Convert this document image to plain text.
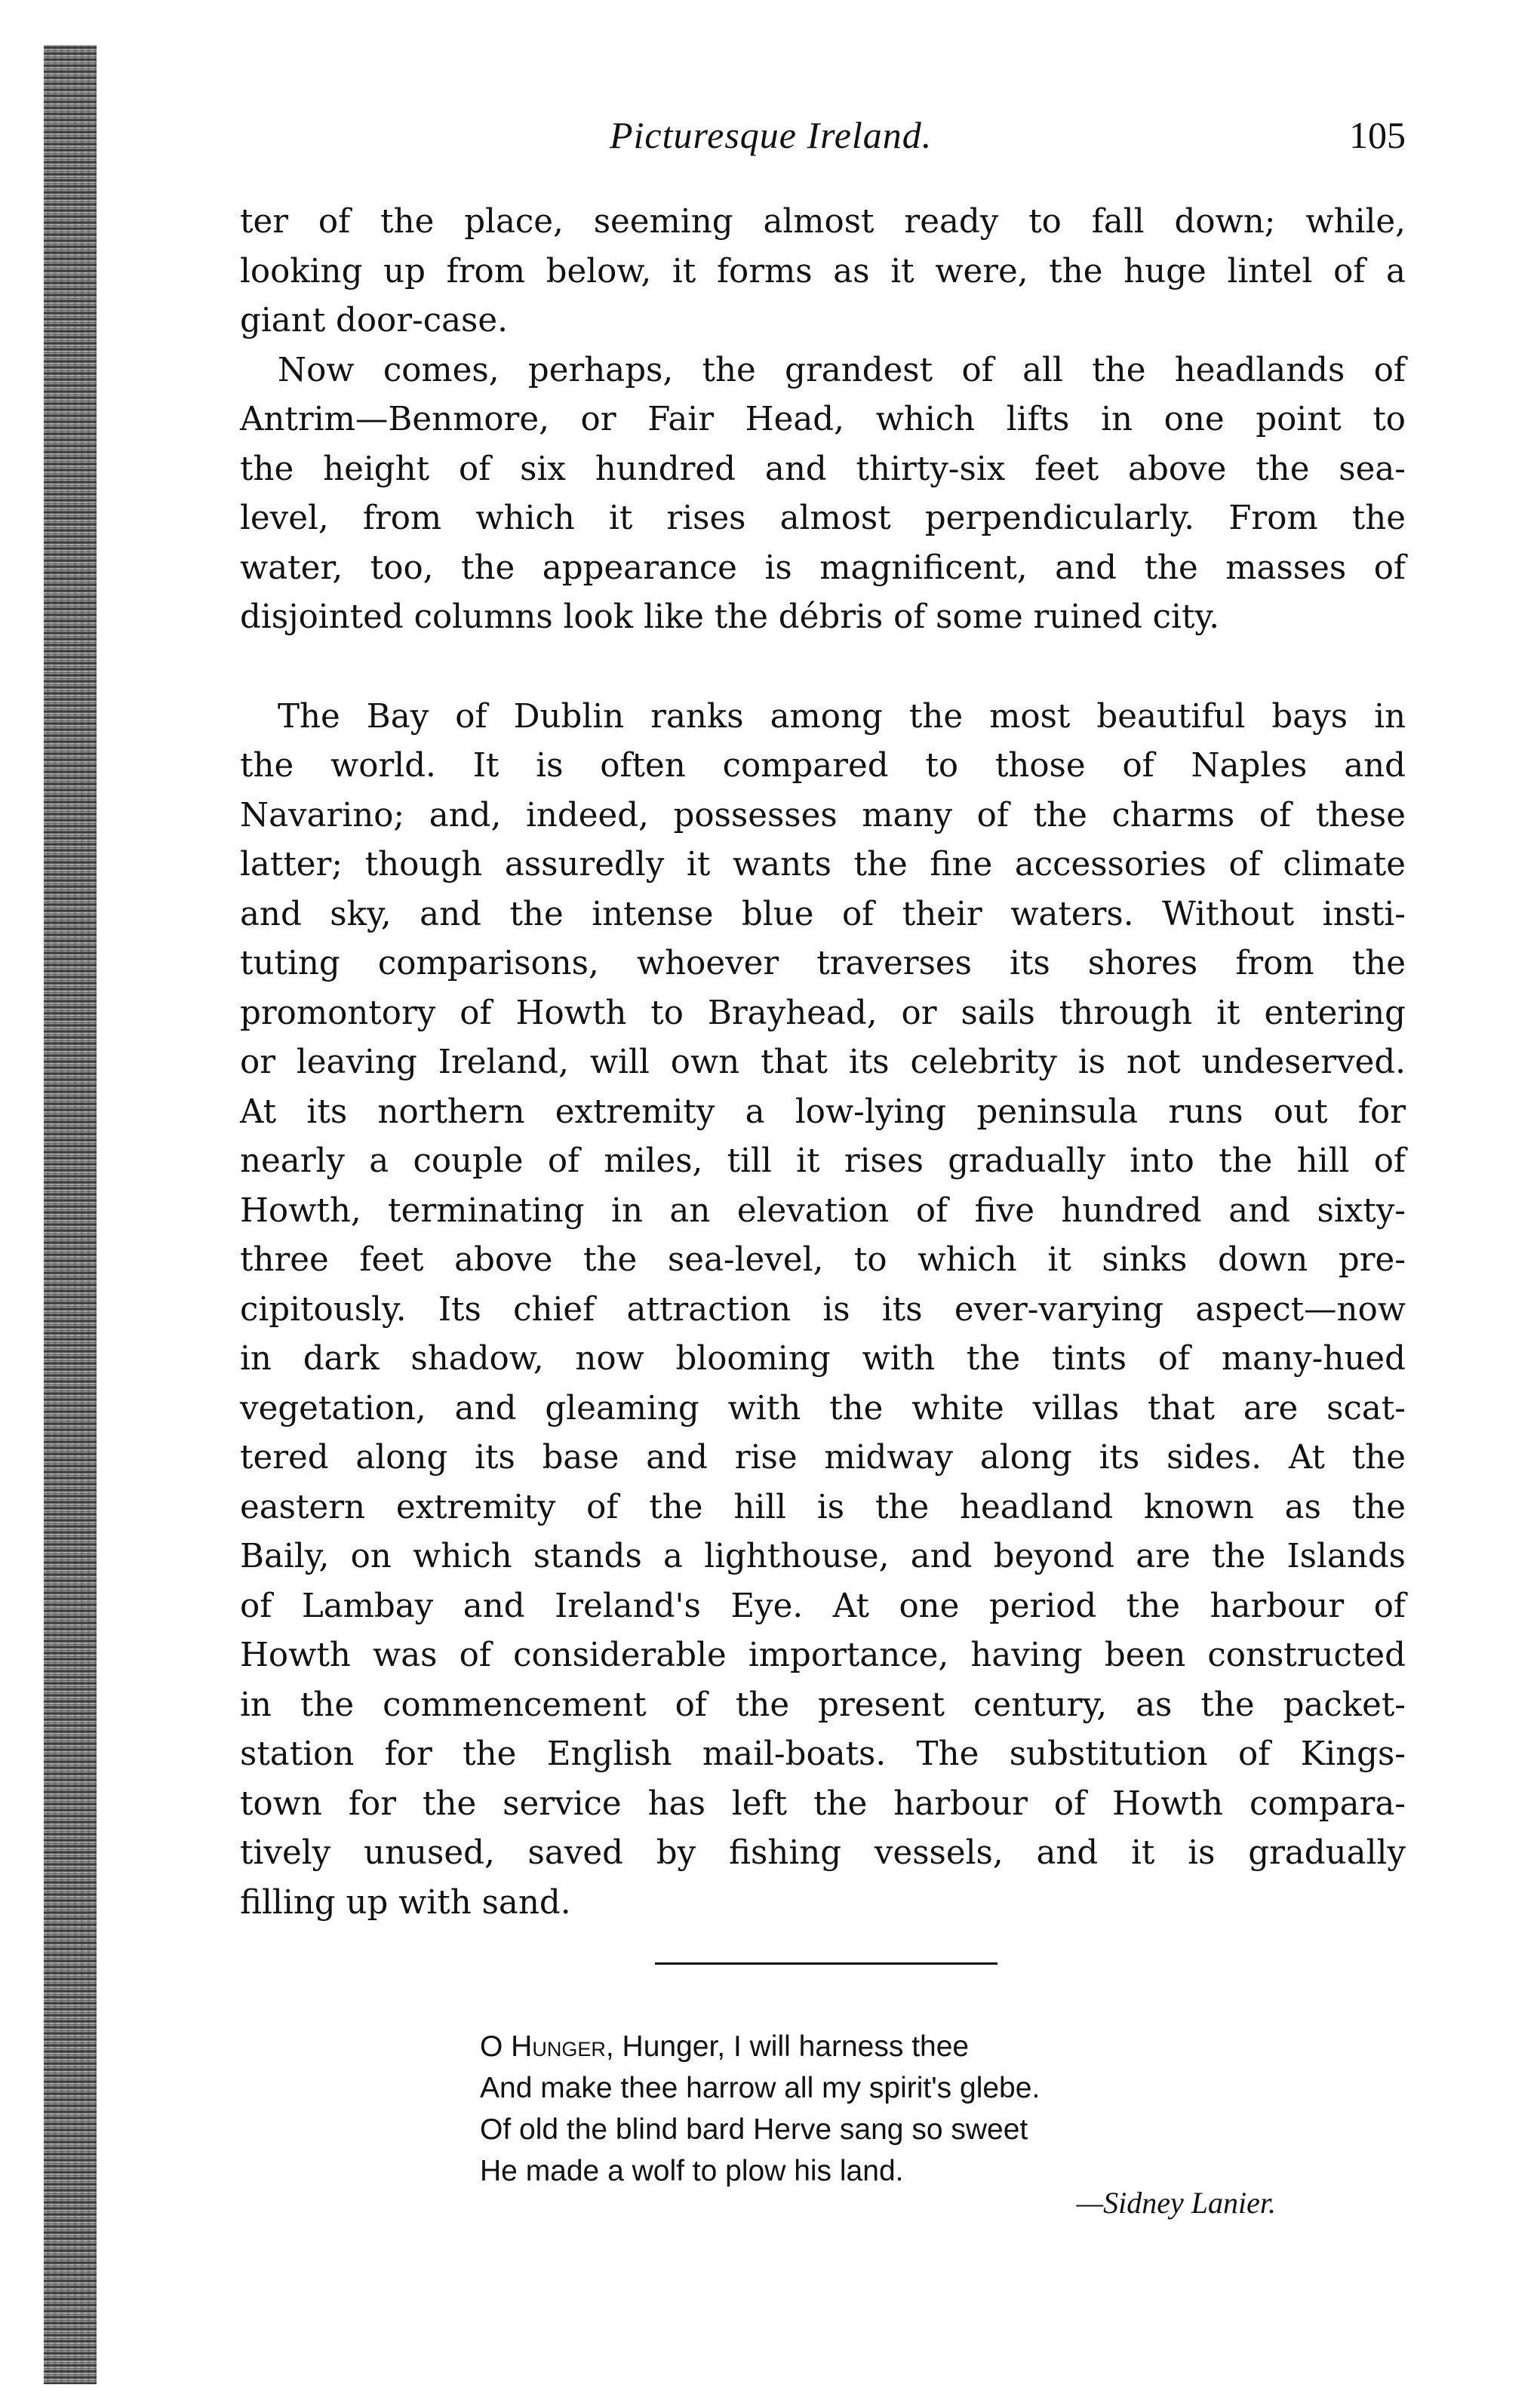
Picturesque Ireland.	105
ter of the place, seeming almost ready to fall down; while,
looking up from below, it forms as it were, the huge lintel of a
giant door-case.
Now comes, perhaps, the grandest of all the headlands of
Antrim—Benmore, or Fair Head, which lifts in one point to
the height of six hundred and thirty-six feet above the sea-
level, from which it rises almost perpendicularly. From the
water, too, the appearance is magnificent, and the masses of
disjointed columns look like the débris of some ruined city.
The Bay of Dublin ranks among the most beautiful bays in
the world. It is often compared to those of Naples and
Navarino; and, indeed, possesses many of the charms of these
latter; though assuredly it wants the fine accessories of climate
and sky, and the intense blue of their waters. Without insti-
tuting comparisons, whoever traverses its shores from the
promontory of Howth to Brayhead, or sails through it entering
or leaving Ireland, will own that its celebrity is not undeserved.
At its northern extremity a low-lying peninsula runs out for
nearly a couple of miles, till it rises gradually into the hill of
Howth, terminating in an elevation of five hundred and sixty-
three feet above the sea-level, to which it sinks down pre-
cipitously. Its chief attraction is its ever-varying aspect—now
in dark shadow, now blooming with the tints of many-hued
vegetation, and gleaming with the white villas that are scat-
tered along its base and rise midway along its sides. At the
eastern extremity of the hill is the headland known as the
Baily, on which stands a lighthouse, and beyond are the Islands
of Lambay and Ireland's Eye. At one period the harbour of
Howth was of considerable importance, having been constructed
in the commencement of the present century, as the packet-
station for the English mail-boats. The substitution of Kings-
town for the service has left the harbour of Howth compara-
tively unused, saved by fishing vessels, and it is gradually
filling up with sand.
O Hunger, Hunger, I will harness thee
And make thee harrow all my spirit's glebe.
Of old the blind bard Herve sang so sweet
He made a wolf to plow his land.
—Sidney Lanier.
